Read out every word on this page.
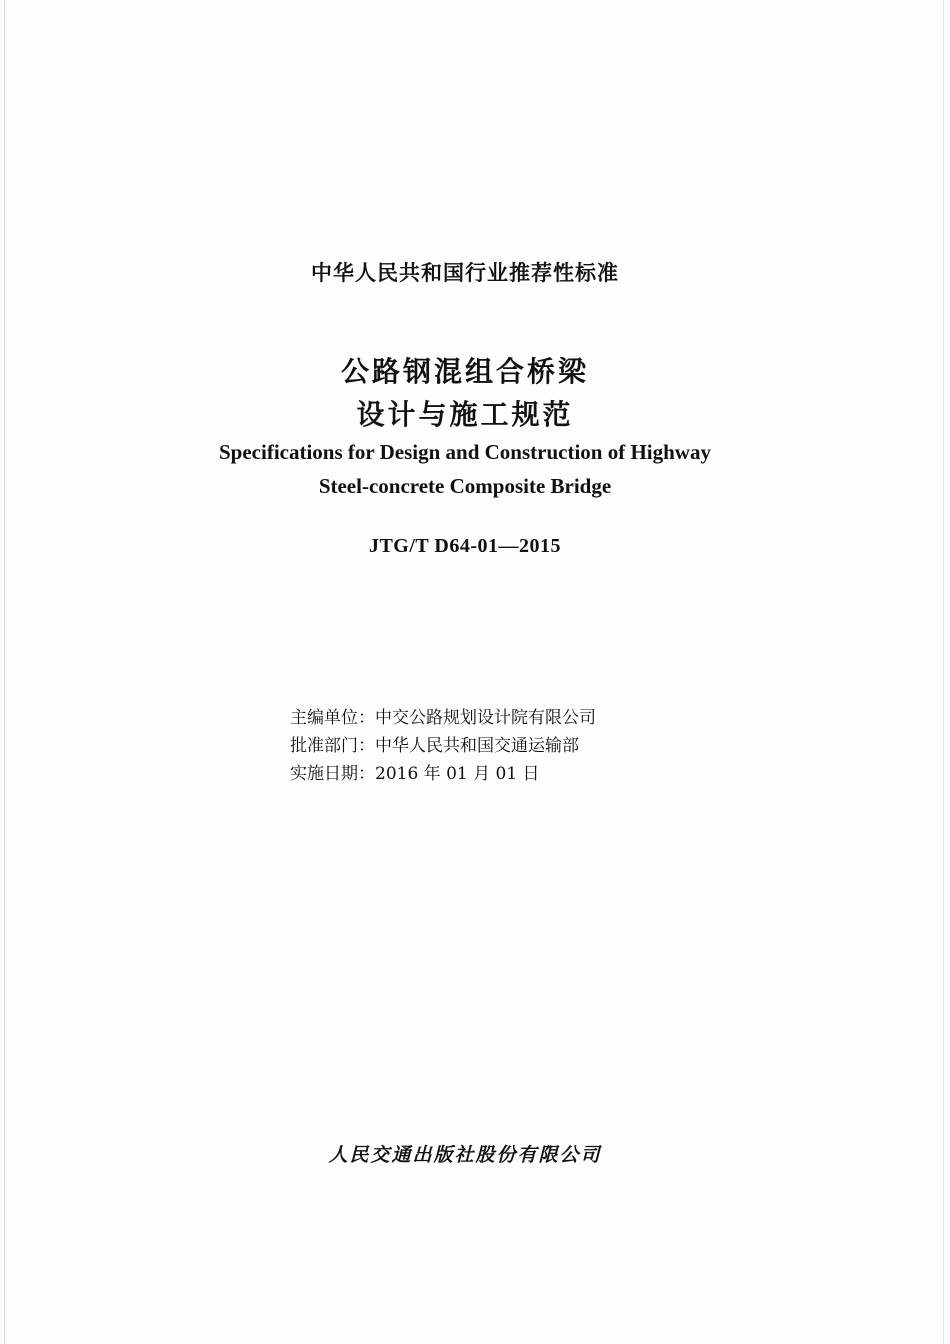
中华人民共和国行业推荐性标准
公路钢混组合桥梁
设计与施工规范
Specifications for Design and Construction of Highway
Steel-concrete Composite Bridge
JTG/T D64-01—2015
主编单位：中交公路规划设计院有限公司
批准部门：中华人民共和国交通运输部
实施日期：2016 年 01 月 01 日
人民交通出版社股份有限公司
